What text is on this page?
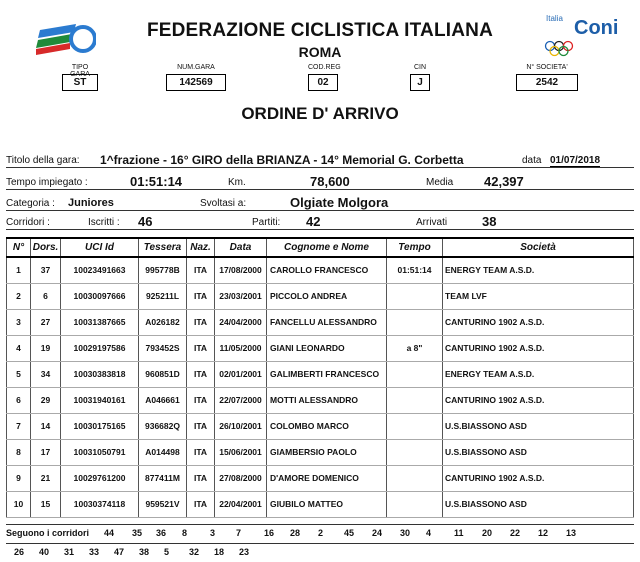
FEDERAZIONE CICLISTICA ITALIANA
ROMA
Italia Coni
TIPO GARA
ST
NUM.GARA
142569
COD.REG
02
CIN
J
N° SOCIETA'
2542
ORDINE D' ARRIVO
Titolo della gara: 1^frazione - 16° GIRO della BRIANZA - 14° Memorial G. Corbetta	data 01/07/2018
Tempo impiegato :	01:51:14	Km.	78,600	Media 42,397
Categoria : Juniores	Svoltasi a:	Olgiate Molgora
Corridori :	Iscritti : 46	Partiti: 42	Arrivati	38
N°	Dors.	UCI Id	Tessera	Naz.	Data	Cognome e Nome	Tempo	Società
1	37	10023491663	995778B	ITA	17/08/2000	CAROLLO FRANCESCO	01:51:14	ENERGY TEAM A.S.D.
2	6	10030097666	925211L	ITA	23/03/2001	PICCOLO ANDREA		TEAM LVF
3	27	10031387665	A026182	ITA	24/04/2000	FANCELLU ALESSANDRO		CANTURINO 1902 A.S.D.
4	19	10029197586	793452S	ITA	11/05/2000	GIANI LEONARDO	a 8"	CANTURINO 1902 A.S.D.
5	34	10030383818	960851D	ITA	02/01/2001	GALIMBERTI FRANCESCO		ENERGY TEAM A.S.D.
6	29	10031940161	A046661	ITA	22/07/2000	MOTTI ALESSANDRO		CANTURINO 1902 A.S.D.
7	14	10030175165	936682Q	ITA	26/10/2001	COLOMBO MARCO		U.S.BIASSONO ASD
8	17	10031050791	A014498	ITA	15/06/2001	GIAMBERSIO PAOLO		U.S.BIASSONO ASD
9	21	10029761200	877411M	ITA	27/08/2000	D'AMORE DOMENICO		CANTURINO 1902 A.S.D.
10	15	10030374118	959521V	ITA	22/04/2001	GIUBILO MATTEO		U.S.BIASSONO ASD
Seguono i corridori 44 35 36 8	3 7	16 28 2 45 24 30 4	11 20 22 12 13
26 40 31 33 47 38 5 32 18 23
